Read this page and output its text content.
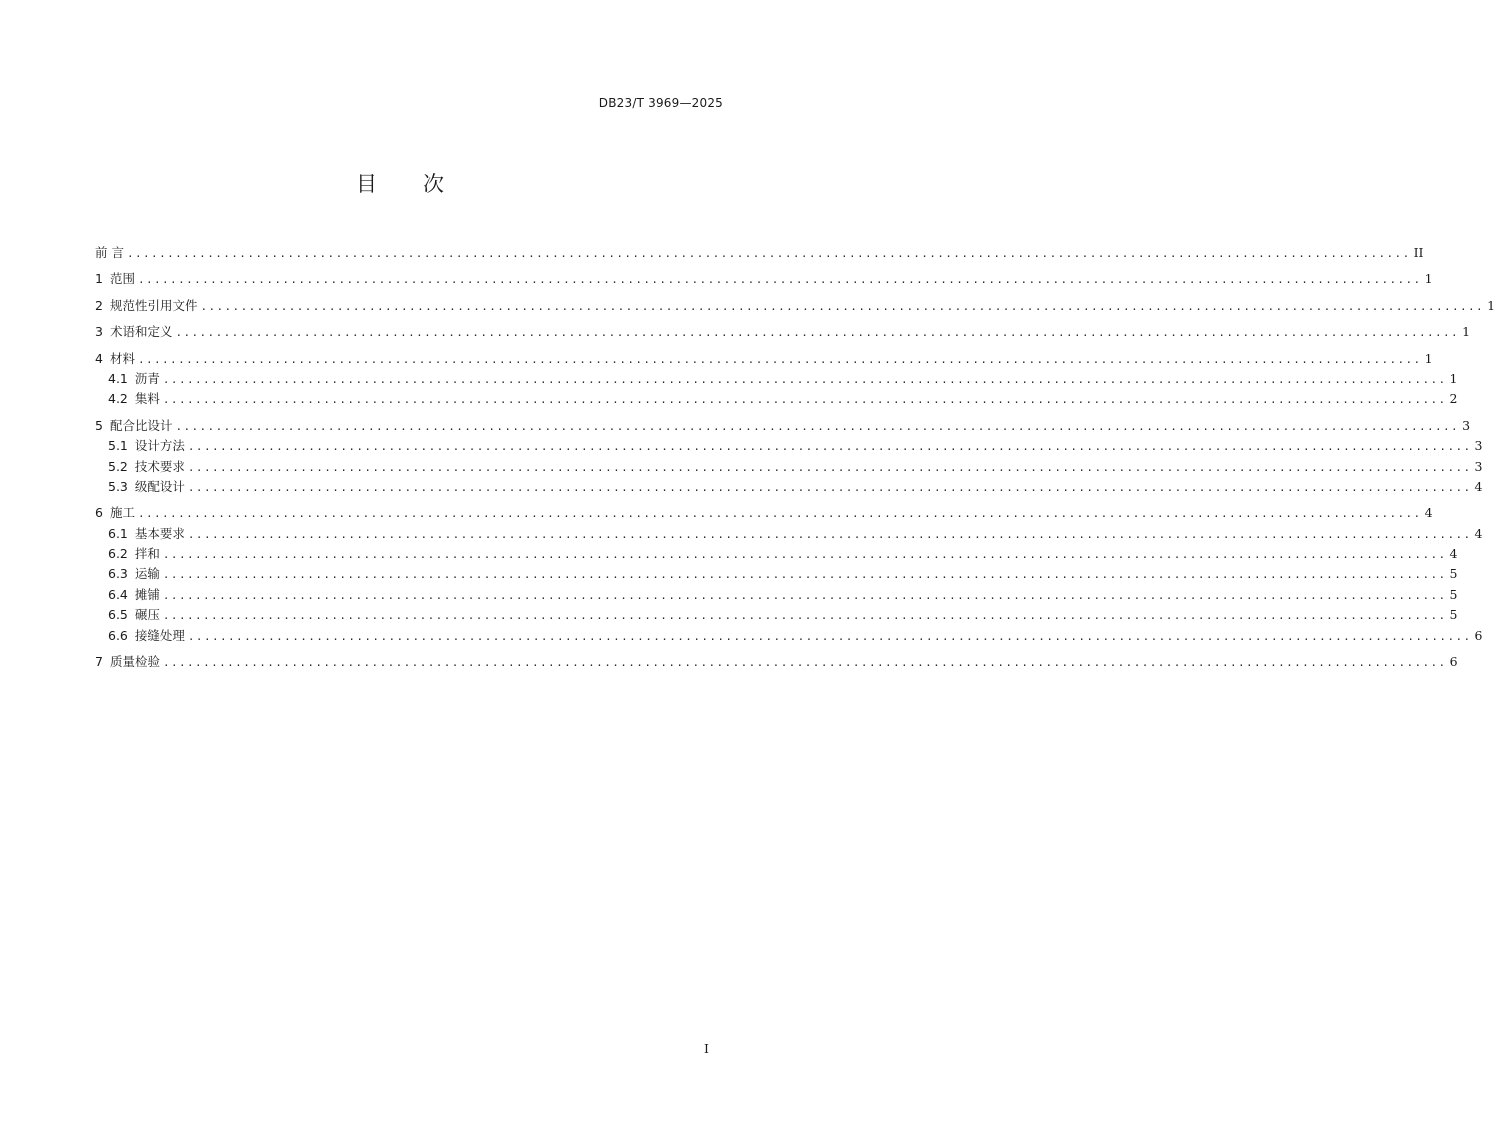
DB23/T 3969—2025
目次
前 言 ................................................................................................................................................................ II
1 范围 ................................................................................................................................................................ 1
2 规范性引用文件 ................................................................................................................................................................ 1
3 术语和定义 ................................................................................................................................................................ 1
4 材料 ................................................................................................................................................................ 1
4.1 沥青 ................................................................................................................................................................ 1
4.2 集料 ................................................................................................................................................................ 2
5 配合比设计 ................................................................................................................................................................ 3
5.1 设计方法 ................................................................................................................................................................ 3
5.2 技术要求 ................................................................................................................................................................ 3
5.3 级配设计 ................................................................................................................................................................ 4
6 施工 ................................................................................................................................................................ 4
6.1 基本要求 ................................................................................................................................................................ 4
6.2 拌和 ................................................................................................................................................................ 4
6.3 运输 ................................................................................................................................................................ 5
6.4 摊铺 ................................................................................................................................................................ 5
6.5 碾压 ................................................................................................................................................................ 5
6.6 接缝处理 ................................................................................................................................................................ 6
7 质量检验 ................................................................................................................................................................ 6
I
